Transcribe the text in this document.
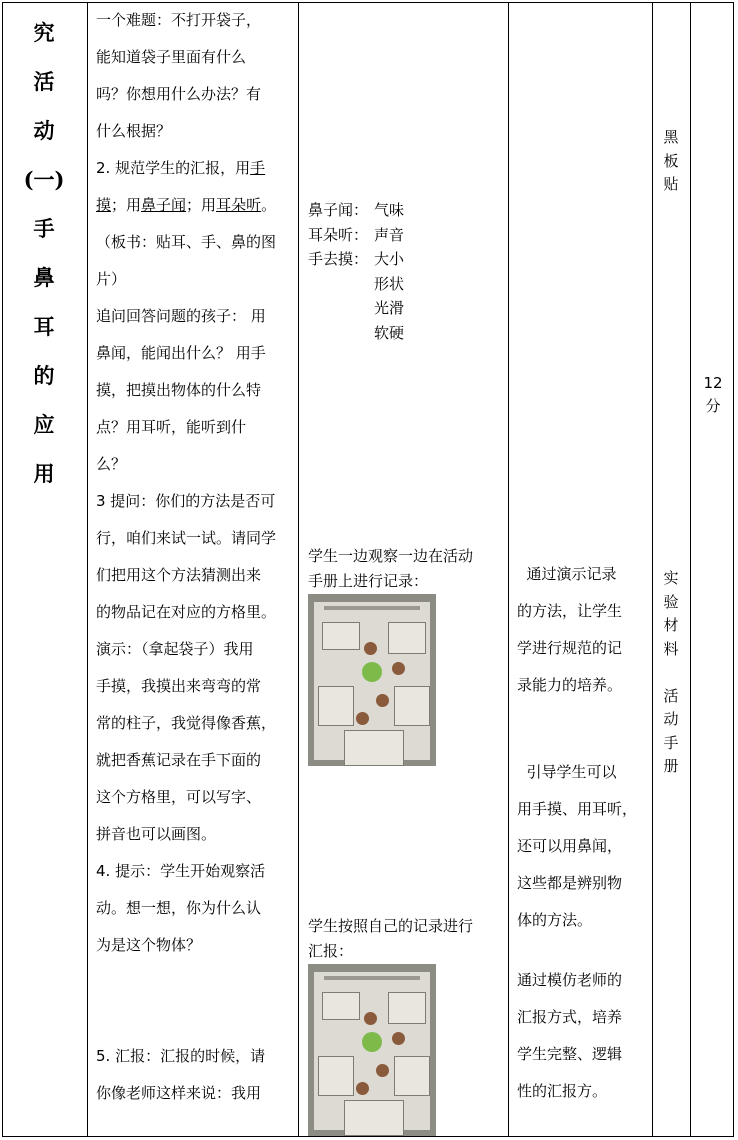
究
活
动
(一)
手
鼻
耳
的
应
用

一个难题：不打开袋子，

能知道袋子里面有什么

吗？你想用什么办法？有

什么根据？

2. 规范学生的汇报，用手

摸；用鼻子闻；用耳朵听。

（板书：贴耳、手、鼻的图

片）

追问回答问题的孩子： 用

鼻闻，能闻出什么？ 用手

摸，把摸出物体的什么特

点？用耳听，能听到什

么？

3 提问：你们的方法是否可

行，咱们来试一试。请同学

们把用这个方法猜测出来

的物品记在对应的方格里。

演示：（拿起袋子）我用

手摸，我摸出来弯弯的常

常的柱子，我觉得像香蕉，

就把香蕉记录在手下面的

这个方格里，可以写字、

拼音也可以画图。

4. 提示：学生开始观察活

动。想一想，你为什么认

为是这个物体？

5. 汇报：汇报的时候，请

你像老师这样来说：我用

鼻子闻： 气味
耳朵听： 声音
手去摸： 大小
形状
光滑
软硬
学生一边观察一边在活动
手册上进行记录：
学生按照自己的记录进行
汇报：

通过演示记录

的方法，让学生

学进行规范的记

录能力的培养。

引导学生可以

用手摸、用耳听，

还可以用鼻闻，

这些都是辨别物

体的方法。

通过模仿老师的

汇报方式，培养

学生完整、逻辑

性的汇报方。

黑
板
贴
实
验
材
料
活
动
手
册
12
分
